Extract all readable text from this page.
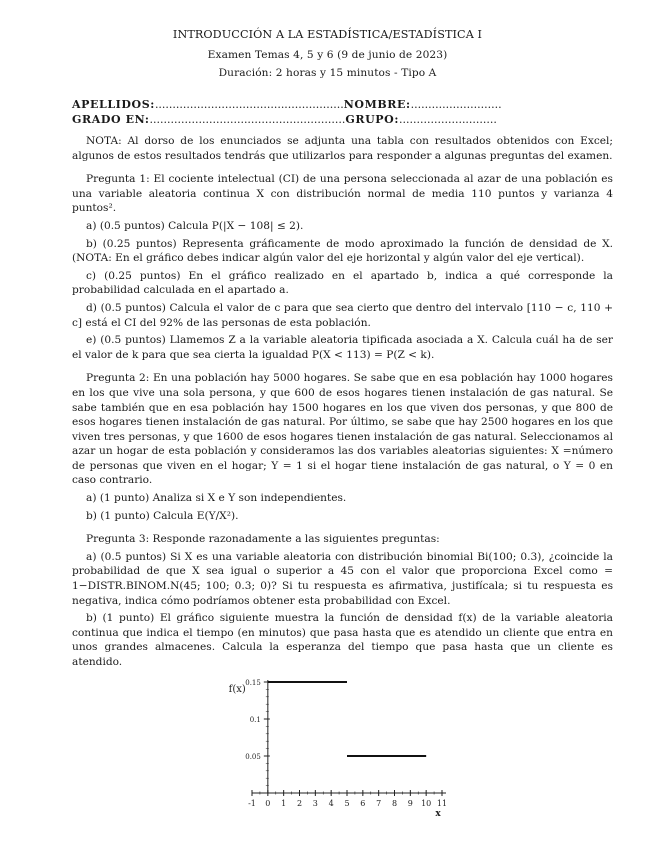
INTRODUCCIÓN A LA ESTADÍSTICA/ESTADÍSTICA I
Examen Temas 4, 5 y 6 (9 de junio de 2023)
Duración: 2 horas y 15 minutos - Tipo A
APELLIDOS:......................................................NOMBRE:..........................
GRADO EN:........................................................GRUPO:............................

NOTA: Al dorso de los enunciados se adjunta una tabla con resultados obtenidos con Excel; algunos de estos resultados tendrás que utilizarlos para responder a algunas preguntas del examen.

Pregunta 1: El cociente intelectual (CI) de una persona seleccionada al azar de una población es una variable aleatoria continua X con distribución normal de media 110 puntos y varianza 4 puntos².

a) (0.5 puntos) Calcula P(|X − 108| ≤ 2).

b) (0.25 puntos) Representa gráficamente de modo aproximado la función de densidad de X. (NOTA: En el gráfico debes indicar algún valor del eje horizontal y algún valor del eje vertical).

c) (0.25 puntos) En el gráfico realizado en el apartado b, indica a qué corresponde la probabilidad calculada en el apartado a.

d) (0.5 puntos) Calcula el valor de c para que sea cierto que dentro del intervalo [110 − c, 110 + c] está el CI del 92% de las personas de esta población.

e) (0.5 puntos) Llamemos Z a la variable aleatoria tipificada asociada a X. Calcula cuál ha de ser el valor de k para que sea cierta la igualdad P(X < 113) = P(Z < k).

Pregunta 2: En una población hay 5000 hogares. Se sabe que en esa población hay 1000 hogares en los que vive una sola persona, y que 600 de esos hogares tienen instalación de gas natural. Se sabe también que en esa población hay 1500 hogares en los que viven dos personas, y que 800 de esos hogares tienen instalación de gas natural. Por último, se sabe que hay 2500 hogares en los que viven tres personas, y que 1600 de esos hogares tienen instalación de gas natural. Seleccionamos al azar un hogar de esta población y consideramos las dos variables aleatorias siguientes: X =número de personas que viven en el hogar; Y = 1 si el hogar tiene instalación de gas natural, o Y = 0 en caso contrario.

a) (1 punto) Analiza si X e Y son independientes.

b) (1 punto) Calcula E(Y/X²).

Pregunta 3: Responde razonadamente a las siguientes preguntas:

a) (0.5 puntos) Si X es una variable aleatoria con distribución binomial Bi(100; 0.3), ¿coincide la probabilidad de que X sea igual o superior a 45 con el valor que proporciona Excel como = 1−DISTR.BINOM.N(45; 100; 0.3; 0)? Si tu respuesta es afirmativa, justifícala; si tu respuesta es negativa, indica cómo podríamos obtener esta probabilidad con Excel.

b) (1 punto) El gráfico siguiente muestra la función de densidad f(x) de la variable aleatoria continua que indica el tiempo (en minutos) que pasa hasta que es atendido un cliente que entra en unos grandes almacenes. Calcula la esperanza del tiempo que pasa hasta que un cliente es atendido.

-1 0 1 2 3 4 5 6 7 8 9 10 11
0.05
0.1
0.15
f(x)
x
